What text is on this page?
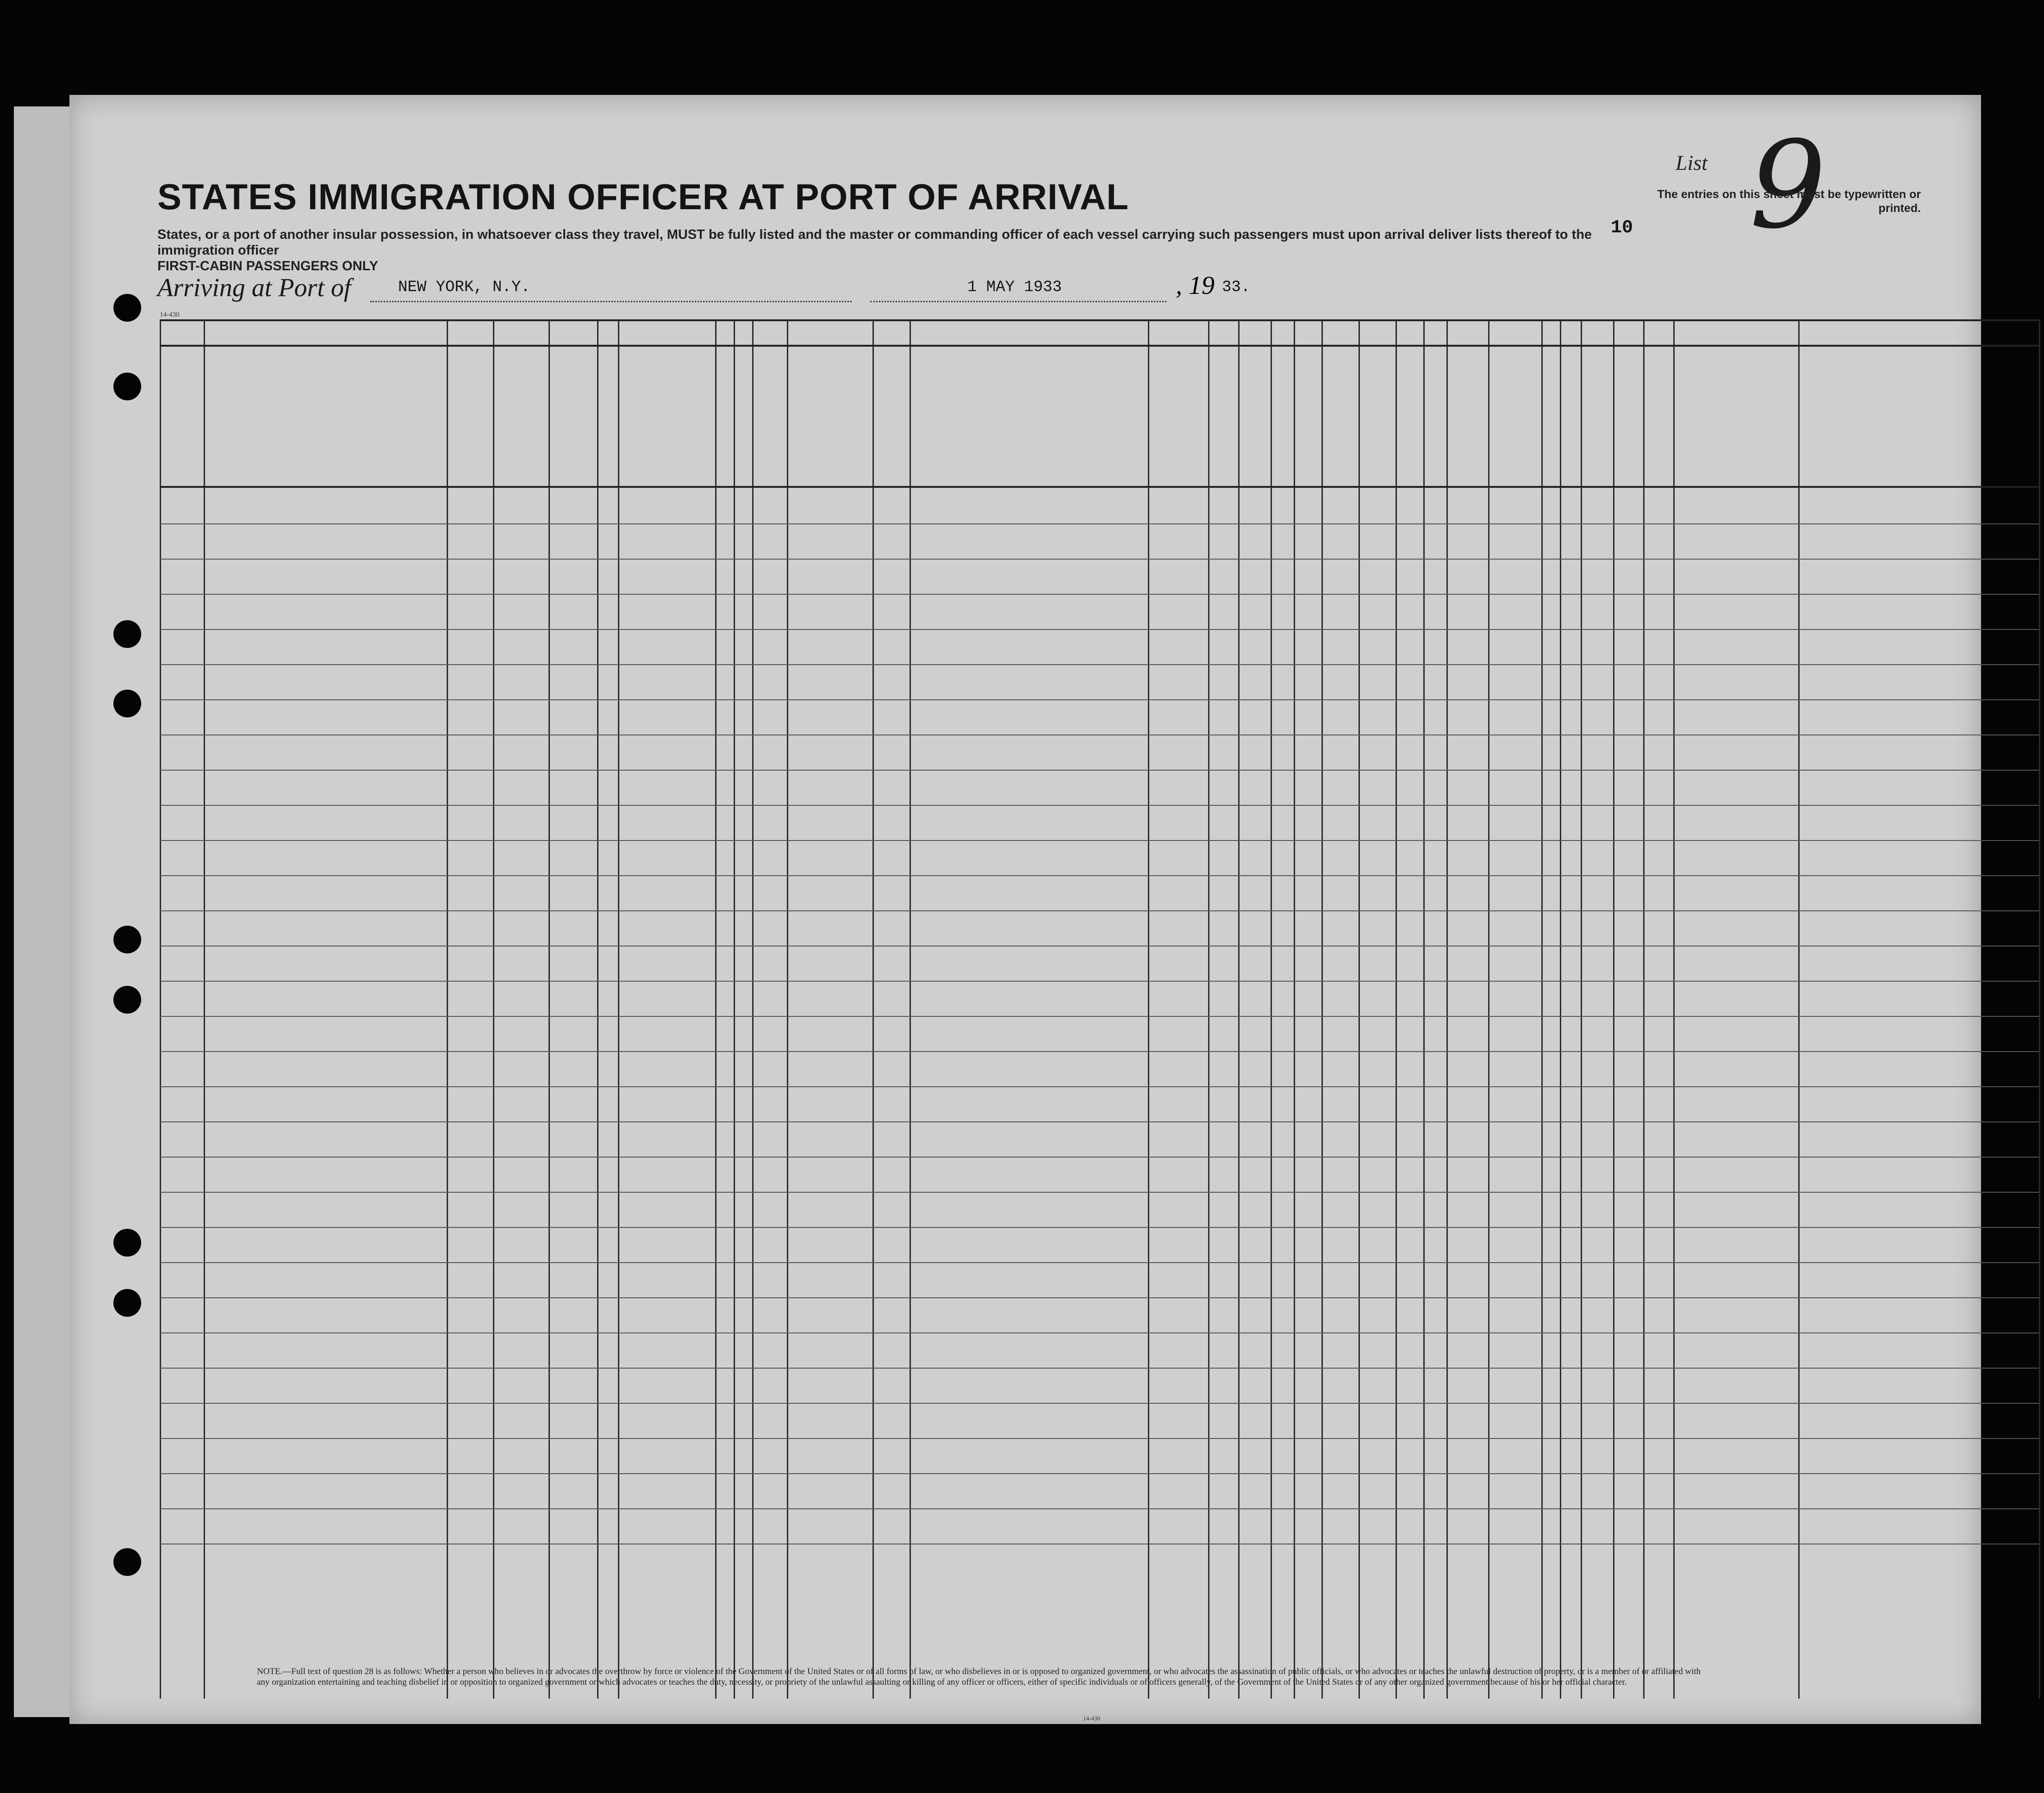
STATES IMMIGRATION OFFICER AT PORT OF ARRIVAL
States, or a port of another insular possession, in whatsoever class they travel, MUST be fully listed and the master or commanding officer of each vessel carrying such passengers must upon arrival deliver lists thereof to the immigration officer
FIRST-CABIN PASSENGERS ONLY
Arriving at Port of	NEW YORK, N.Y.	1 MAY 1933	, 19 33.
List 9
The entries on this sheet must be typewritten or printed.
10
14-430
NOTE.—Full text of question 28 is as follows: Whether a person who believes in or advocates the overthrow by force or violence of the Government of the United States or of all forms of law, or who disbelieves in or is opposed to organized government, or who advocates the assassination of public officials, or who advocates or teaches the unlawful destruction of property, or is a member of or affiliated with any organization entertaining and teaching disbelief in or opposition to organized government or which advocates or teaches the duty, necessity, or propriety of the unlawful assaulting or killing of any officer or officers, either of specific individuals or of officers generally, of the Government of the United States or of any other organized government because of his or her official character.
14-430
